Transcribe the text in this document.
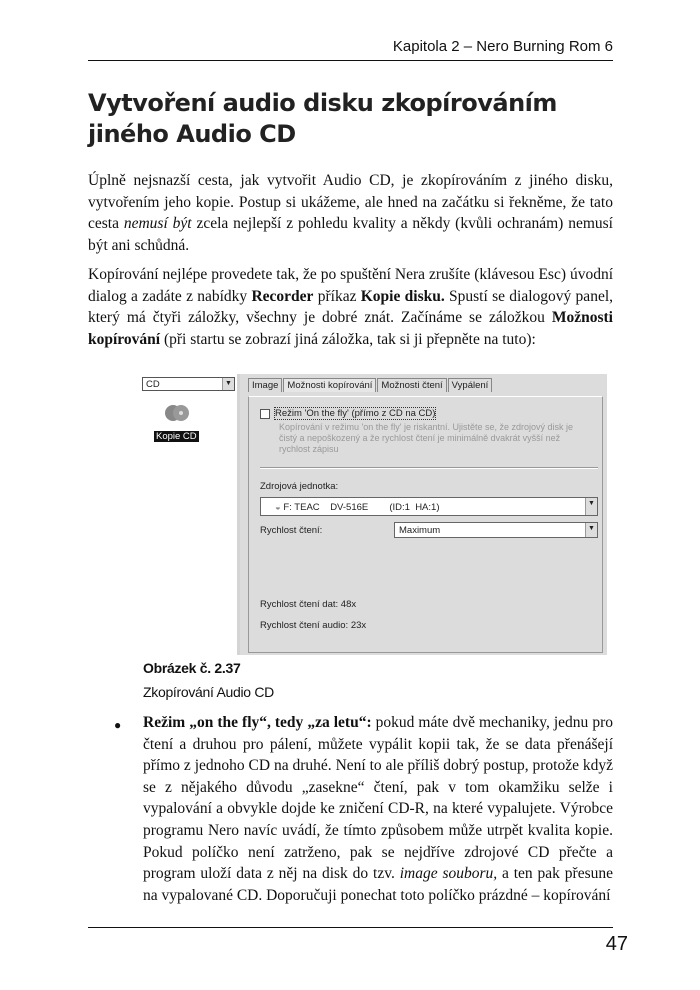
Kapitola 2 – Nero Burning Rom 6
Vytvoření audio disku zkopírováním jiného Audio CD
Úplně nejsnazší cesta, jak vytvořit Audio CD, je zkopírováním z jiného disku, vytvořením jeho kopie. Postup si ukážeme, ale hned na začátku si řekněme, že tato cesta nemusí být zcela nejlepší z pohledu kvality a někdy (kvůli ochranám) nemusí být ani schůdná.
Kopírování nejlépe provedete tak, že po spuštění Nera zrušíte (klávesou Esc) úvodní dialog a zadáte z nabídky Recorder příkaz Kopie disku. Spustí se dialogový panel, který má čtyři záložky, všechny je dobré znát. Začínáme se záložkou Možnosti kopírování (při startu se zobrazí jiná záložka, tak si ji přepněte na tuto):
CD	▼
Kopie CD
Image Možnosti kopírování Možnosti čtení Vypálení
Režim 'On the fly' (přímo z CD na CD)
Kopírování v režimu 'on the fly' je riskantní. Ujistěte se, že zdrojový disk je čistý a nepoškozený a že rychlost čtení je minimálně dvakrát vyšší než rychlost zápisu
Zdrojová jednotka:
◒ F: TEAC    DV-516E        (ID:1  HA:1)	▼
Rychlost čtení:	Maximum	▼
Rychlost čtení dat: 48x
Rychlost čtení audio: 23x
Obrázek č. 2.37
Zkopírování Audio CD
● Režim „on the fly“, tedy „za letu“: pokud máte dvě mechaniky, jednu pro čtení a druhou pro pálení, můžete vypálit kopii tak, že se data přenášejí přímo z jednoho CD na druhé. Není to ale příliš dobrý postup, protože když se z nějakého důvodu „zasekne“ čtení, pak v tom okamžiku selže i vypalování a obvykle dojde ke zničení CD-R, na které vypalujete. Výrobce programu Nero navíc uvádí, že tímto způsobem může utrpět kvalita kopie. Pokud políčko není zatrženo, pak se nejdříve zdrojové CD přečte a program uloží data z něj na disk do tzv. image souboru, a ten pak přesune na vypalované CD. Doporučuji ponechat toto políčko prázdné – kopírování
47
